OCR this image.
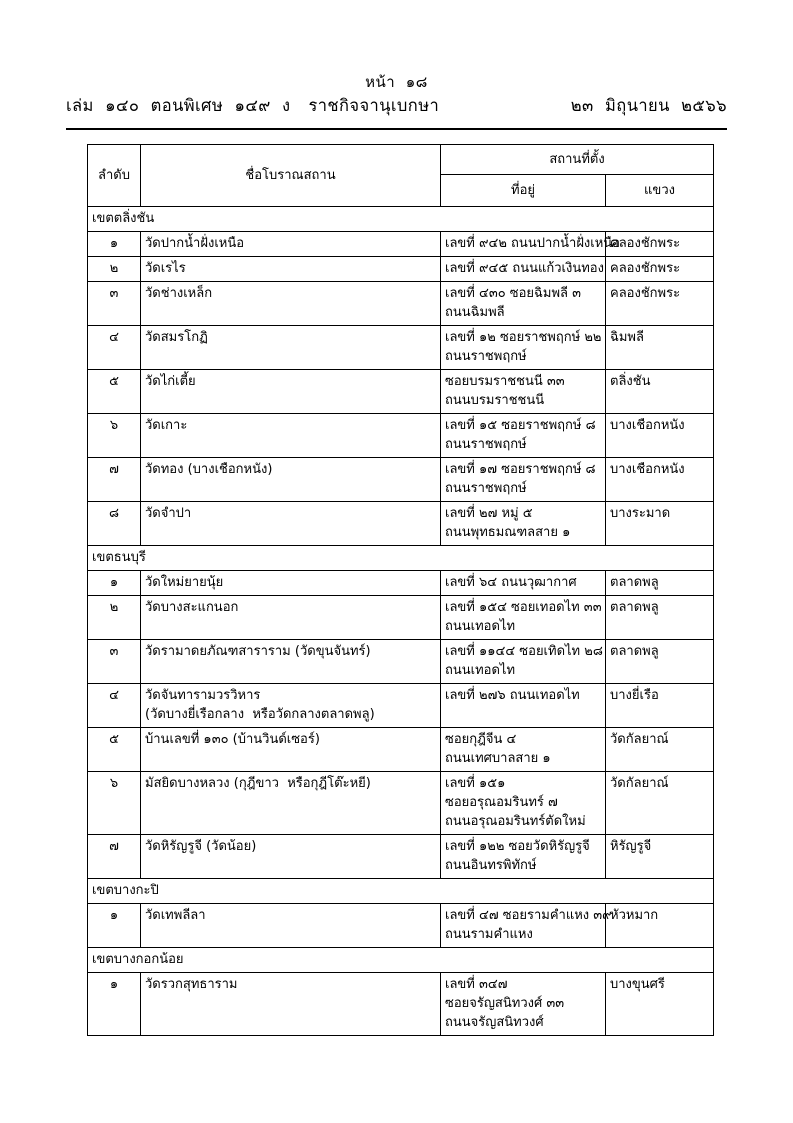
หน้า  ๑๘
เล่ม  ๑๔๐  ตอนพิเศษ  ๑๔๙  ง ราชกิจจานุเบกษา	๒๓  มิถุนายน  ๒๕๖๖
ลำดับ	ชื่อโบราณสถาน	สถานที่ตั้ง	
		ที่อยู่	แขวง
เขตตลิ่งชัน			
๑	วัดปากน้ำฝั่งเหนือ	เลขที่ ๙๔๒ ถนนปากน้ำฝั่งเหนือ	คลองชักพระ
๒	วัดเรไร	เลขที่ ๙๔๕ ถนนแก้วเงินทอง	คลองชักพระ
๓	วัดช่างเหล็ก	เลขที่ ๔๓๐ ซอยฉิมพลี ๓
ถนนฉิมพลี	คลองชักพระ
๔	วัดสมรโกฏิ	เลขที่ ๑๒ ซอยราชพฤกษ์ ๒๒
ถนนราชพฤกษ์	ฉิมพลี
๕	วัดไก่เตี้ย	ซอยบรมราชชนนี ๓๓
ถนนบรมราชชนนี	ตลิ่งชัน
๖	วัดเกาะ	เลขที่ ๑๕ ซอยราชพฤกษ์ ๘
ถนนราชพฤกษ์	บางเชือกหนัง
๗	วัดทอง (บางเชือกหนัง)	เลขที่ ๑๗ ซอยราชพฤกษ์ ๘
ถนนราชพฤกษ์	บางเชือกหนัง
๘	วัดจำปา	เลขที่ ๒๗ หมู่ ๕
ถนนพุทธมณฑลสาย ๑	บางระมาด
เขตธนบุรี			
๑	วัดใหม่ยายนุ้ย	เลขที่ ๖๔ ถนนวุฒากาศ	ตลาดพลู
๒	วัดบางสะแกนอก	เลขที่ ๑๕๔ ซอยเทอดไท ๓๓
ถนนเทอดไท	ตลาดพลู
๓	วัดรามาดยภัณฑสาราราม (วัดขุนจันทร์)	เลขที่ ๑๑๔๔ ซอยเทิดไท ๒๘
ถนนเทอดไท	ตลาดพลู
๔	วัดจันทารามวรวิหาร
(วัดบางยี่เรือกลาง  หรือวัดกลางตลาดพลู)	เลขที่ ๒๗๖ ถนนเทอดไท	บางยี่เรือ
๕	บ้านเลขที่ ๑๓๐ (บ้านวินด์เซอร์)	ซอยกุฎีจีน ๔
ถนนเทศบาลสาย ๑	วัดกัลยาณ์
๖	มัสยิดบางหลวง (กุฎีขาว  หรือกุฎีโต๊ะหยี)	เลขที่ ๑๕๑
ซอยอรุณอมรินทร์ ๗
ถนนอรุณอมรินทร์ตัดใหม่	วัดกัลยาณ์
๗	วัดหิรัญรูจี (วัดน้อย)	เลขที่ ๑๒๒ ซอยวัดหิรัญรูจี
ถนนอินทรพิทักษ์	หิรัญรูจี
เขตบางกะปิ			
๑	วัดเทพลีลา	เลขที่ ๔๗ ซอยรามคำแหง ๓๙
ถนนรามคำแหง	หัวหมาก
เขตบางกอกน้อย			
๑	วัดรวกสุทธาราม	เลขที่ ๓๔๗
ซอยจรัญสนิทวงศ์ ๓๓
ถนนจรัญสนิทวงศ์	บางขุนศรี
